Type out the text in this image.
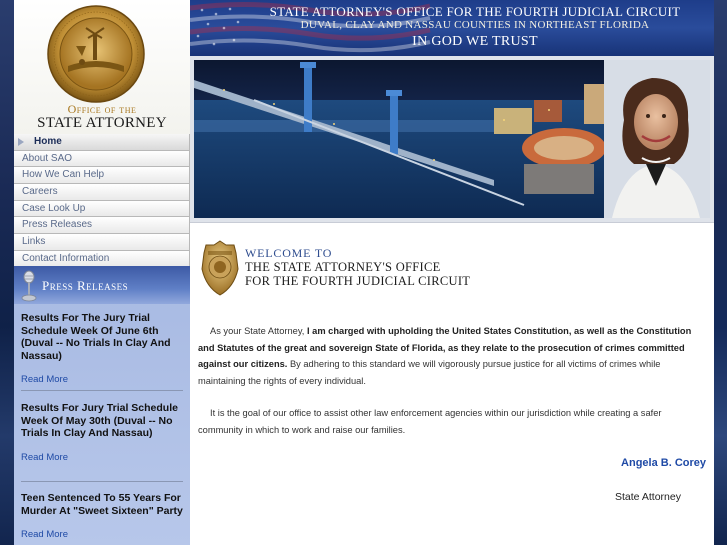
Office of the
STATE ATTORNEY
Home
About SAO
How We Can Help
Careers
Case Look Up
Press Releases
Links
Contact Information
Press Releases
Results For The Jury Trial Schedule Week Of June 6th (Duval -- No Trials In Clay And Nassau)
Read More
Results For Jury Trial Schedule Week Of May 30th (Duval -- No Trials In Clay And Nassau)
Read More
Teen Sentenced To 55 Years For Murder At "Sweet Sixteen" Party
Read More
STATE ATTORNEY'S OFFICE FOR THE FOURTH JUDICIAL CIRCUIT
DUVAL, CLAY AND NASSAU COUNTIES IN NORTHEAST FLORIDA
IN GOD WE TRUST
WELCOME TO
THE STATE ATTORNEY'S OFFICE
FOR THE FOURTH JUDICIAL CIRCUIT

As your State Attorney, I am charged with upholding the United States Constitution, as well as the Constitution and Statutes of the great and sovereign State of Florida, as they relate to the prosecution of crimes committed against our citizens. By adhering to this standard we will vigorously pursue justice for all victims of crimes while maintaining the rights of every individual.

It is the goal of our office to assist other law enforcement agencies within our jurisdiction while creating a safer community in which to work and raise our families.

Angela B. Corey
State Attorney
